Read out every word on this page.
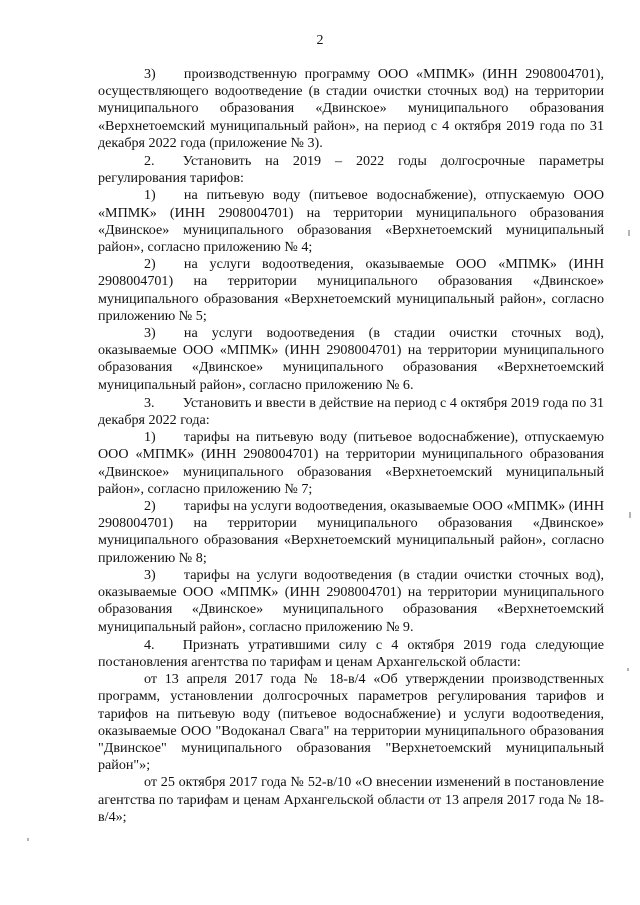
2

3)  производственную программу ООО «МПМК» (ИНН 2908004701), осуществляющего водоотведение (в стадии очистки сточных вод) на территории муниципального образования «Двинское» муниципального образования «Верхнетоемский муниципальный район», на период с 4 октября 2019 года по 31 декабря 2022 года (приложение № 3).

2.  Установить на 2019 – 2022 годы долгосрочные параметры регулирования тарифов:

1)  на питьевую воду (питьевое водоснабжение), отпускаемую ООО «МПМК» (ИНН 2908004701) на территории муниципального образования «Двинское» муниципального образования «Верхнетоемский муниципальный район», согласно приложению № 4;

2)  на услуги водоотведения, оказываемые ООО «МПМК» (ИНН 2908004701) на территории муниципального образования «Двинское» муниципального образования «Верхнетоемский муниципальный район», согласно приложению № 5;

3)  на услуги водоотведения (в стадии очистки сточных вод), оказываемые ООО «МПМК» (ИНН 2908004701) на территории муниципального образования «Двинское» муниципального образования «Верхнетоемский муниципальный район», согласно приложению № 6.

3.  Установить и ввести в действие на период с 4 октября 2019 года по 31 декабря 2022 года:

1)  тарифы на питьевую воду (питьевое водоснабжение), отпускаемую ООО «МПМК» (ИНН 2908004701) на территории муниципального образования «Двинское» муниципального образования «Верхнетоемский муниципальный район», согласно приложению № 7;

2)  тарифы на услуги водоотведения, оказываемые ООО «МПМК» (ИНН 2908004701) на территории муниципального образования «Двинское» муниципального образования «Верхнетоемский муниципальный район», согласно приложению № 8;

3)  тарифы на услуги водоотведения (в стадии очистки сточных вод), оказываемые ООО «МПМК» (ИНН 2908004701) на территории муниципального образования «Двинское» муниципального образования «Верхнетоемский муниципальный район», согласно приложению № 9.

4.  Признать утратившими силу с 4 октября 2019 года следующие постановления агентства по тарифам и ценам Архангельской области:

от 13 апреля 2017 года № 18-в/4 «Об утверждении производственных программ, установлении долгосрочных параметров регулирования тарифов и тарифов на питьевую воду (питьевое водоснабжение) и услуги водоотведения, оказываемые ООО "Водоканал Свага" на территории муниципального образования "Двинское" муниципального образования "Верхнетоемский муниципальный район"»;

от 25 октября 2017 года № 52-в/10 «О внесении изменений в постановление агентства по тарифам и ценам Архангельской области от 13 апреля 2017 года № 18-в/4»;
